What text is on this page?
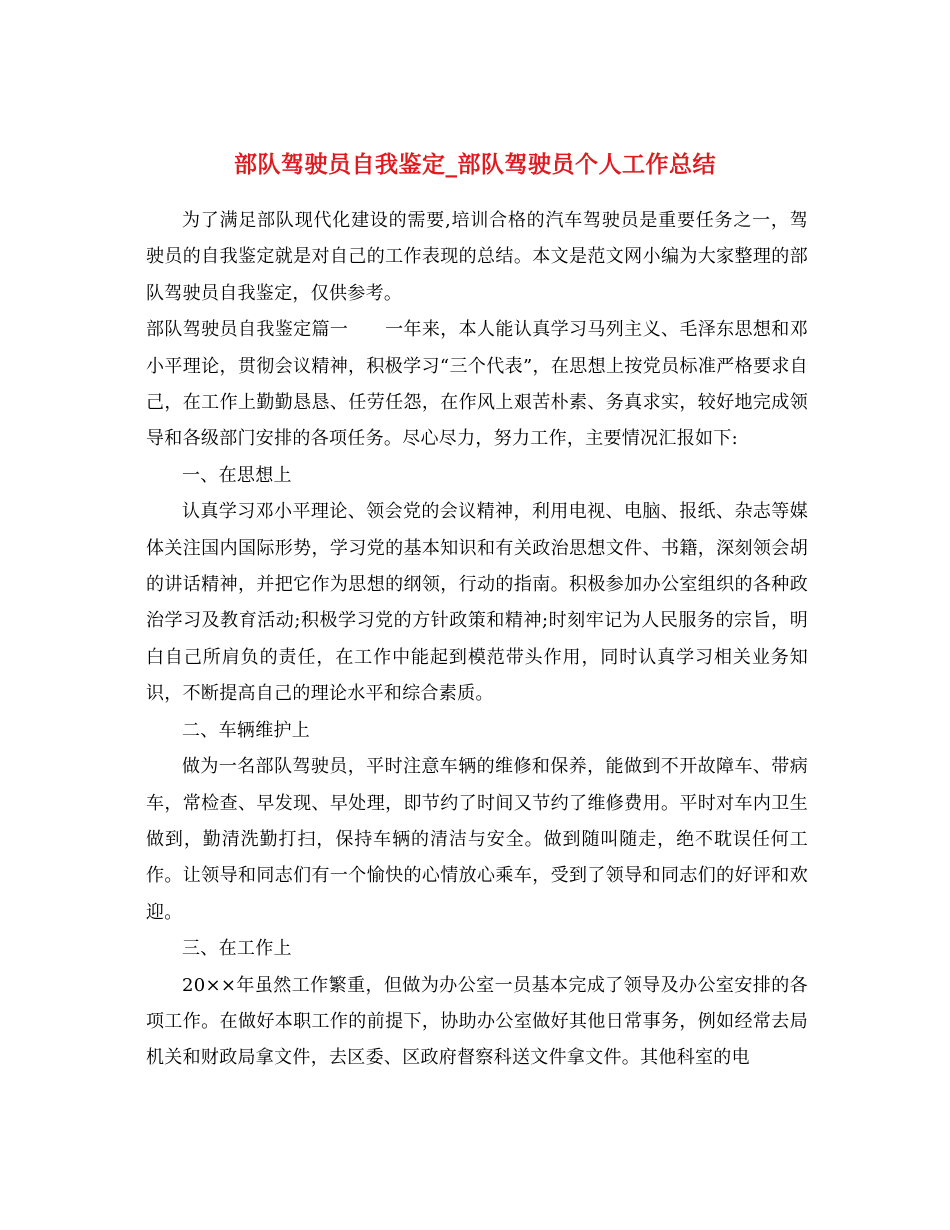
部队驾驶员自我鉴定_部队驾驶员个人工作总结

为了满足部队现代化建设的需要,培训合格的汽车驾驶员是重要任务之一，驾驶员的自我鉴定就是对自己的工作表现的总结。本文是范文网小编为大家整理的部队驾驶员自我鉴定，仅供参考。

部队驾驶员自我鉴定篇一　　一年来，本人能认真学习马列主义、毛泽东思想和邓小平理论，贯彻会议精神，积极学习“三个代表”，在思想上按党员标准严格要求自己，在工作上勤勤恳恳、任劳任怨，在作风上艰苦朴素、务真求实，较好地完成领导和各级部门安排的各项任务。尽心尽力，努力工作，主要情况汇报如下:

一、在思想上

认真学习邓小平理论、领会党的会议精神，利用电视、电脑、报纸、杂志等媒体关注国内国际形势，学习党的基本知识和有关政治思想文件、书籍，深刻领会胡的讲话精神，并把它作为思想的纲领，行动的指南。积极参加办公室组织的各种政治学习及教育活动;积极学习党的方针政策和精神;时刻牢记为人民服务的宗旨，明白自己所肩负的责任，在工作中能起到模范带头作用，同时认真学习相关业务知识，不断提高自己的理论水平和综合素质。

二、车辆维护上

做为一名部队驾驶员，平时注意车辆的维修和保养，能做到不开故障车、带病车，常检查、早发现、早处理，即节约了时间又节约了维修费用。平时对车内卫生做到，勤清洗勤打扫，保持车辆的清洁与安全。做到随叫随走，绝不耽误任何工作。让领导和同志们有一个愉快的心情放心乘车，受到了领导和同志们的好评和欢迎。

三、在工作上

20××年虽然工作繁重，但做为办公室一员基本完成了领导及办公室安排的各项工作。在做好本职工作的前提下，协助办公室做好其他日常事务，例如经常去局机关和财政局拿文件，去区委、区政府督察科送文件拿文件。其他科室的电
